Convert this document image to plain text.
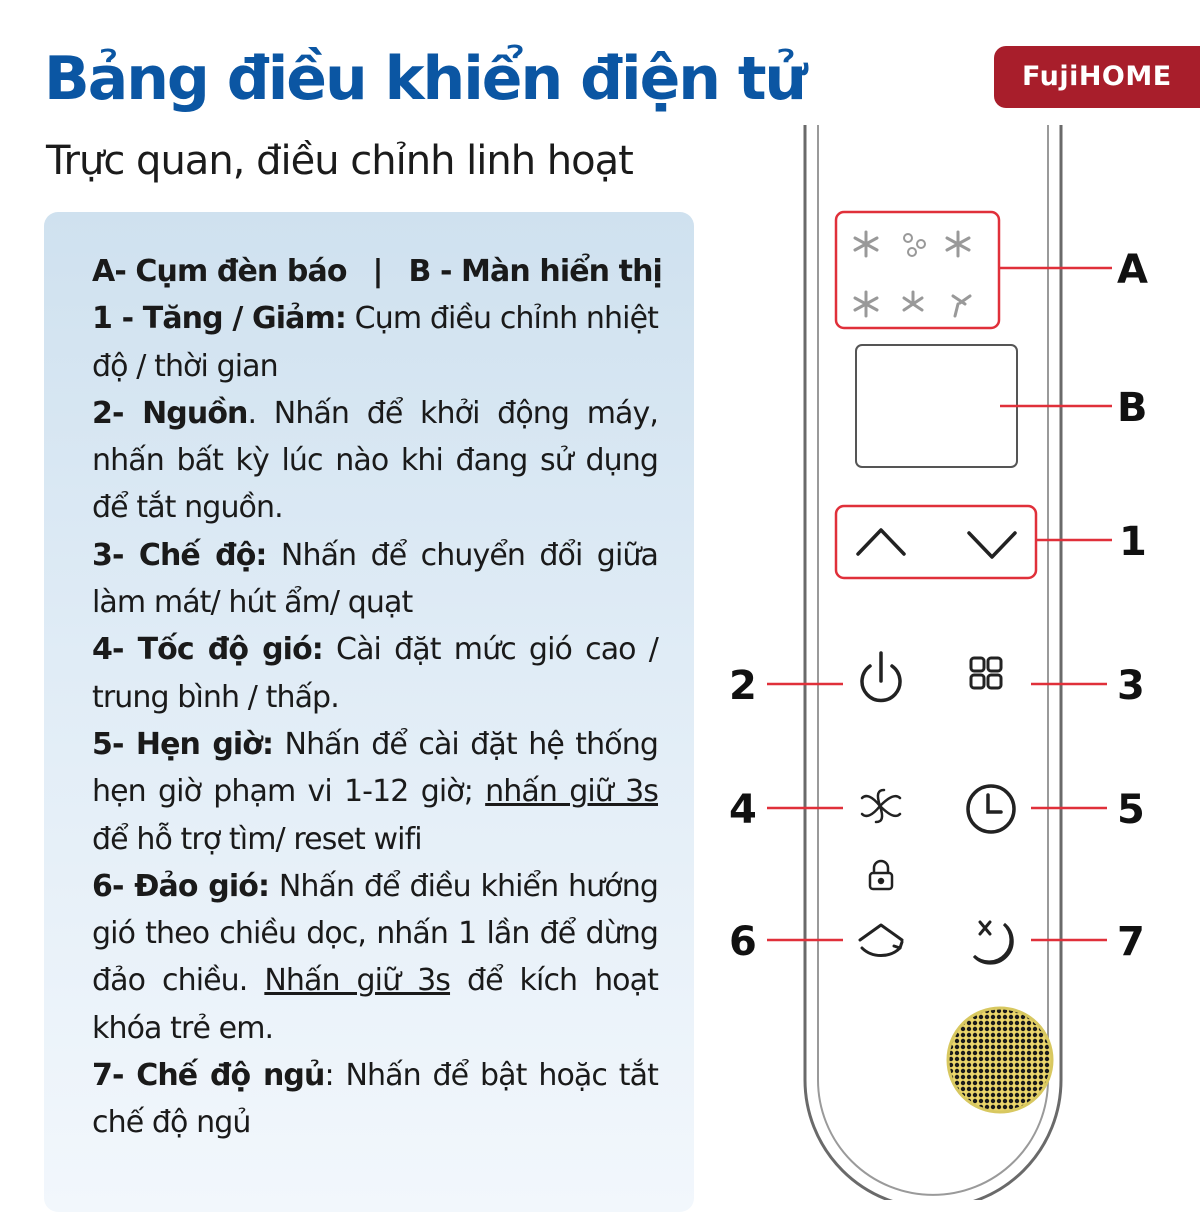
Bảng điều khiển điện tử
Trực quan, điều chỉnh linh hoạt
FujiHOME

A- Cụm đèn báo | B - Màn hiển thị

1 - Tăng / Giảm: Cụm điều chỉnh nhiệt độ / thời gian

2- Nguồn. Nhấn để khởi động máy, nhấn bất kỳ lúc nào khi đang sử dụng để tắt nguồn.

3- Chế độ: Nhấn để chuyển đổi giữa làm mát/ hút ẩm/ quạt

4- Tốc độ gió: Cài đặt mức gió cao / trung bình / thấp.

5- Hẹn giờ: Nhấn để cài đặt hệ thống hẹn giờ phạm vi 1-12 giờ; nhấn giữ 3s để hỗ trợ tìm/ reset wifi

6- Đảo gió: Nhấn để điều khiển hướng gió theo chiều dọc, nhấn 1 lần để dừng đảo chiều. Nhấn giữ 3s để kích hoạt khóa trẻ em.

7- Chế độ ngủ: Nhấn để bật hoặc tắt chế độ ngủ

A
B
1
2	3
4	5
6	7
